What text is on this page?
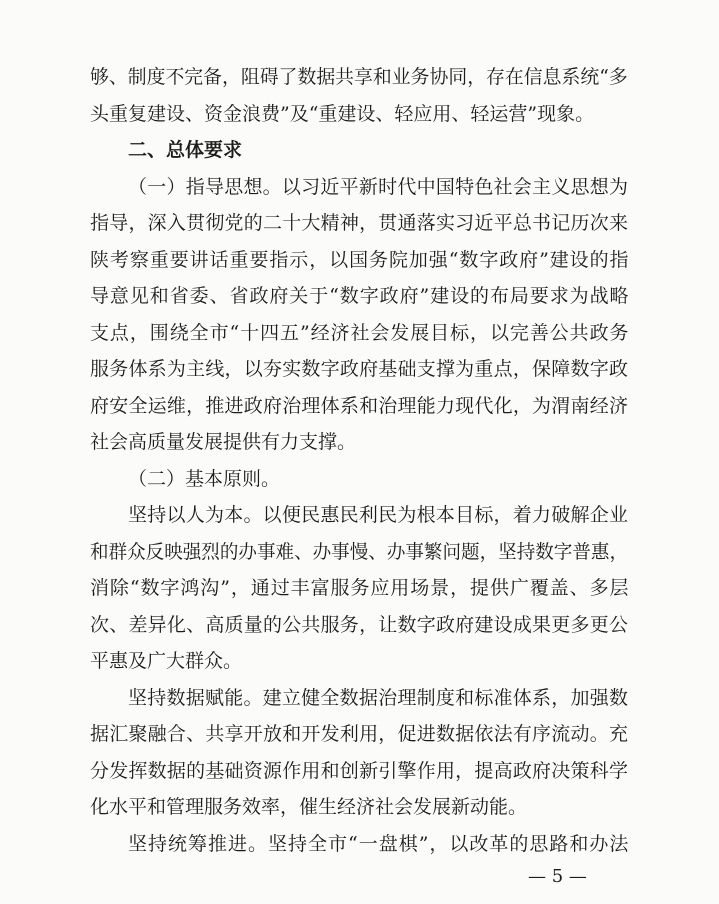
够、制度不完备，阻碍了数据共享和业务协同，存在信息系统“多
头重复建设、资金浪费”及“重建设、轻应用、轻运营”现象。
二、总体要求
（一）指导思想。以习近平新时代中国特色社会主义思想为
指导，深入贯彻党的二十大精神，贯通落实习近平总书记历次来
陕考察重要讲话重要指示，以国务院加强“数字政府”建设的指
导意见和省委、省政府关于“数字政府”建设的布局要求为战略
支点，围绕全市“十四五”经济社会发展目标，以完善公共政务
服务体系为主线，以夯实数字政府基础支撑为重点，保障数字政
府安全运维，推进政府治理体系和治理能力现代化，为渭南经济
社会高质量发展提供有力支撑。
（二）基本原则。
坚持以人为本。以便民惠民利民为根本目标，着力破解企业
和群众反映强烈的办事难、办事慢、办事繁问题，坚持数字普惠，
消除“数字鸿沟”，通过丰富服务应用场景，提供广覆盖、多层
次、差异化、高质量的公共服务，让数字政府建设成果更多更公
平惠及广大群众。
坚持数据赋能。建立健全数据治理制度和标准体系，加强数
据汇聚融合、共享开放和开发利用，促进数据依法有序流动。充
分发挥数据的基础资源作用和创新引擎作用，提高政府决策科学
化水平和管理服务效率，催生经济社会发展新动能。
坚持统筹推进。坚持全市“一盘棋”，以改革的思路和办法
— 5 —
